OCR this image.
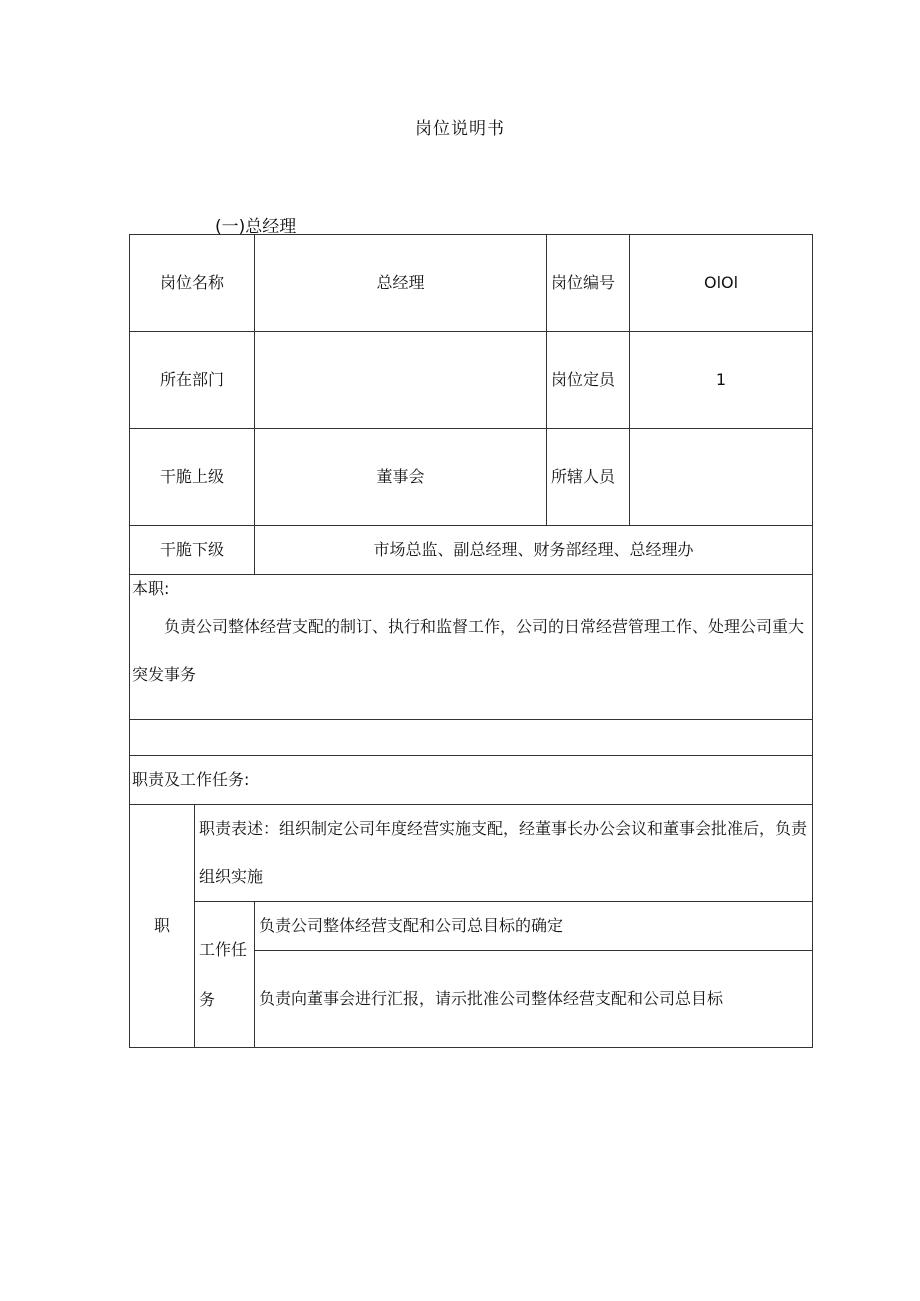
岗位说明书
(一)总经理
岗位名称		总经理	岗位编号	OlOl
所在部门			岗位定员	1
干脆上级		董事会	所辖人员	
干脆下级		市场总监、副总经理、财务部经理、总经理办		

本职:
负责公司整体经营支配的制订、执行和监督工作，公司的日常经营管理工作、处理公司重大突发事务				

职责及工作任务:				
职	职责表述：组织制定公司年度经营实施支配，经董事长办公会议和董事会批准后，负责组织实施			
	工作任务	负责公司整体经营支配和公司总目标的确定		
		负责向董事会进行汇报，请示批准公司整体经营支配和公司总目标		
